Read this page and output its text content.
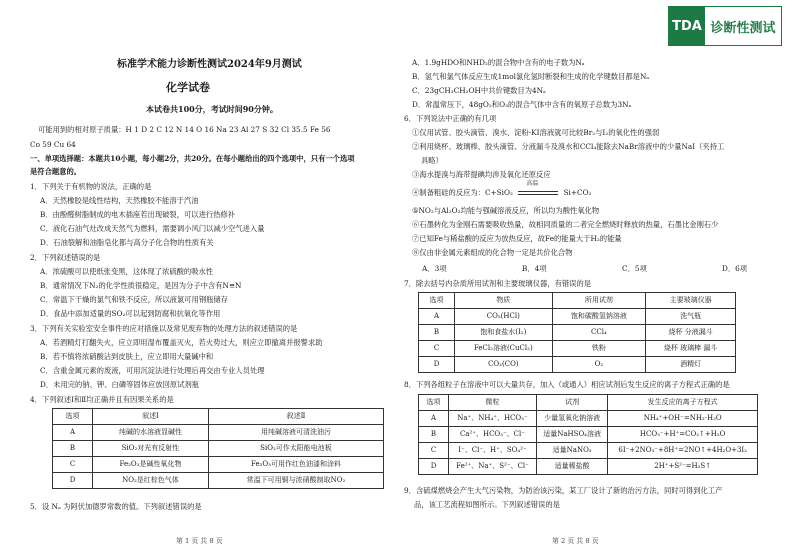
TDA 诊断性测试
标准学术能力诊断性测试2024年9月测试
化学试卷
本试卷共100分，考试时间90分钟。
可能用到的相对原子质量：H 1 D 2 C 12 N 14 O 16 Na 23 Al 27 S 32 Cl 35.5 Fe 56
Co 59 Cu 64
一、单项选择题：本题共10小题，每小题2分，共20分。在每小题给出的四个选项中，只有一个选项
是符合题意的。
1．下列关于有机物的说法，正确的是
A．天然橡胶是线性结构，天然橡胶不能溶于汽油
B．由酚醛树脂制成的电木插座若出现破裂，可以进行热修补
C．液化石油气灶改成天然气为燃料，需要调小风门以减少空气进入量
D．石油裂解和油脂皂化都与高分子化合物的性质有关
2．下列叙述错误的是
A．浓硫酸可以使纸张变黑，这体现了浓硫酸的吸水性
B．通常情况下N₂的化学性质很稳定，是因为分子中含有N≡N
C．常温下干燥的氯气和铁不反应，所以液氯可用钢瓶储存
D．食品中添加适量的SO₂可以起到防腐和抗氧化等作用
3．下列有关实验室安全事件的应对措施以及常见废弃物的处理方法的叙述错误的是
A．若酒精灯打翻失火，应立即用湿布覆盖灭火，若火势过大，则应立即撤离并报警求助
B．若不慎将浓硝酸沾到皮肤上，应立即用大量碱中和
C．含重金属元素的废液，可用沉淀法进行处理后再交由专业人员处理
D．未用完的钠、钾、白磷等固体应放回原试剂瓶
4．下列叙述Ⅰ和Ⅱ均正确并且有因果关系的是
选项	叙述Ⅰ	叙述Ⅱ
A	纯碱的水溶液显碱性	用纯碱溶液可清洗油污
B	SiO₂对光有反射性	SiO₂可作太阳能电池板
C	Fe₂O₃是碱性氧化物	Fe₂O₃可用作红色油漆和涂料
D	NO₂是红棕色气体	常温下可用铜与浓硝酸制取NO₂
5．设 Nₐ 为阿伏加德罗常数的值。下列叙述错误的是
第 1 页 共 8 页
A．1.9gHDO和NHD₂的混合物中含有的电子数为Nₐ
B．氢气和氯气体反应生成1mol氯化氢时断裂和生成的化学键数目都是Nₐ
C．23gCH₃CH₂OH中共价键数目为4Nₐ
D．常温常压下，48gO₂和O₃的混合气体中含有的氧原子总数为3Nₐ
6．下列说法中正确的有几项
①仅用试管、胶头滴管、溴水、淀粉-KI溶液就可比较Br₂与I₂的氧化性的强弱
②利用烧杯、玻璃棒、胶头滴管、分液漏斗及溴水和CCl₄能除去NaBr溶液中的少量NaI（夹持工
具略）
③海水提溴与海带提碘均涉及氧化还原反应
④制备粗硅的反应为：C+SiO₂
高温
Si+CO₂
⑤NO₂与Al₂O₃均能与强碱溶液反应，所以均为酸性氧化物
⑥石墨转化为金刚石需要吸收热量，故相同质量的二者完全燃烧时释放的热量，石墨比金刚石少
⑦已知Fe与稀盐酸的反应为放热反应，故Fe的能量大于H₂的能量
⑧仅由非金属元素组成的化合物一定是共价化合物
A．3项	B．4项	C．5项	D．6项
7．除去括号内杂质所用试剂和主要玻璃仪器，有错误的是
选项	物质	所用试剂	主要玻璃仪器
A	CO₂(HCl)	饱和碳酸氢钠溶液	洗气瓶
B	饱和食盐水(I₂)	CCl₄	烧杯 分液漏斗
C	FeCl₂溶液(CuCl₂)	铁粉	烧杯 玻璃棒 漏斗
D	CO₂(CO)	O₂	酒精灯
8．下列各组粒子在溶液中可以大量共存，加入（或通入）相应试剂后发生反应的离子方程式正确的是
选项	微粒	试剂	发生反应的离子方程式
A	Na⁺、NH₄⁺、HCO₃⁻	少量氢氧化钠溶液	NH₄⁺+OH⁻=NH₃·H₂O
B	Ca²⁺、HCO₃⁻、Cl⁻	适量NaHSO₄溶液	HCO₃⁻+H⁺=CO₂↑+H₂O
C	I⁻、Cl⁻、H⁺、SO₄²⁻	适量NaNO₃	6I⁻+2NO₃⁻+8H⁺=2NO↑+4H₂O+3I₂
D	Fe²⁺、Na⁺、S²⁻、Cl⁻	适量稀盐酸	2H⁺+S²⁻=H₂S↑
9．含硫煤燃烧会产生大气污染物，为防治该污染，某工厂设计了新的治污方法，同时可得到化工产
品，该工艺流程如图所示。下列叙述错误的是
第 2 页 共 8 页
